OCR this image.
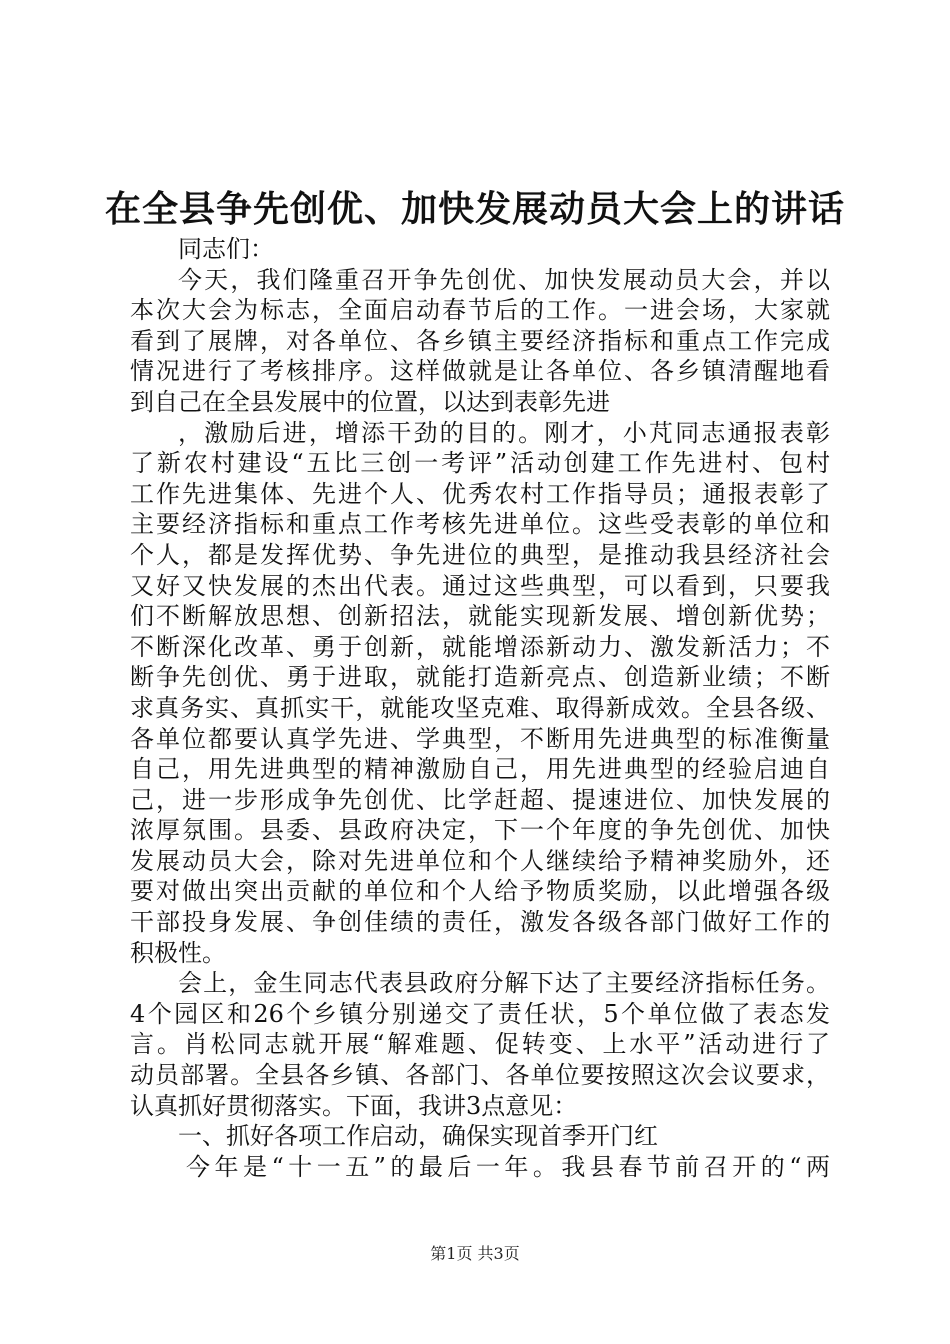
在全县争先创优、加快发展动员大会上的讲话
同志们：
今天，我们隆重召开争先创优、加快发展动员大会，并以
本次大会为标志，全面启动春节后的工作。一进会场，大家就
看到了展牌，对各单位、各乡镇主要经济指标和重点工作完成
情况进行了考核排序。这样做就是让各单位、各乡镇清醒地看
到自己在全县发展中的位置，以达到表彰先进
，激励后进，增添干劲的目的。刚才，小芃同志通报表彰
了新农村建设“五比三创一考评”活动创建工作先进村、包村
工作先进集体、先进个人、优秀农村工作指导员；通报表彰了
主要经济指标和重点工作考核先进单位。这些受表彰的单位和
个人，都是发挥优势、争先进位的典型，是推动我县经济社会
又好又快发展的杰出代表。通过这些典型，可以看到，只要我
们不断解放思想、创新招法，就能实现新发展、增创新优势；
不断深化改革、勇于创新，就能增添新动力、激发新活力；不
断争先创优、勇于进取，就能打造新亮点、创造新业绩；不断
求真务实、真抓实干，就能攻坚克难、取得新成效。全县各级、
各单位都要认真学先进、学典型，不断用先进典型的标准衡量
自己，用先进典型的精神激励自己，用先进典型的经验启迪自
己，进一步形成争先创优、比学赶超、提速进位、加快发展的
浓厚氛围。县委、县政府决定，下一个年度的争先创优、加快
发展动员大会，除对先进单位和个人继续给予精神奖励外，还
要对做出突出贡献的单位和个人给予物质奖励，以此增强各级
干部投身发展、争创佳绩的责任，激发各级各部门做好工作的
积极性。
会上，金生同志代表县政府分解下达了主要经济指标任务。
4个园区和26个乡镇分别递交了责任状，5个单位做了表态发
言。肖松同志就开展“解难题、促转变、上水平”活动进行了
动员部署。全县各乡镇、各部门、各单位要按照这次会议要求，
认真抓好贯彻落实。下面，我讲3点意见：
一、抓好各项工作启动，确保实现首季开门红
今年是“十一五”的最后一年。我县春节前召开的“两
第1页 共3页
